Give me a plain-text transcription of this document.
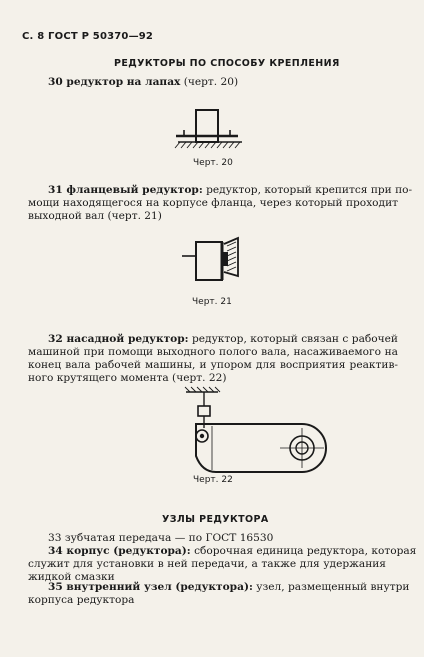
С. 8 ГОСТ Р 50370—92
РЕДУКТОРЫ ПО СПОСОБУ КРЕПЛЕНИЯ
30 редуктор на лапах (черт. 20)
Черт. 20
31 фланцевый редуктор: редуктор, который крепится при по-
мощи находящегося на корпусе фланца, через который проходит
выходной вал (черт. 21)
Черт. 21
32 насадной редуктор: редуктор, который связан с рабочей
машиной при помощи выходного полого вала, насаживаемого на
конец вала рабочей машины, и упором для восприятия реактив-
ного крутящего момента (черт. 22)
Черт. 22
УЗЛЫ РЕДУКТОРА
33 зубчатая передача — по ГОСТ 16530
34 корпус (редуктора): сборочная единица редуктора, которая
служит для установки в ней передачи, а также для удержания
жидкой смазки
35 внутренний узел (редуктора): узел, размещенный внутри
корпуса редуктора
